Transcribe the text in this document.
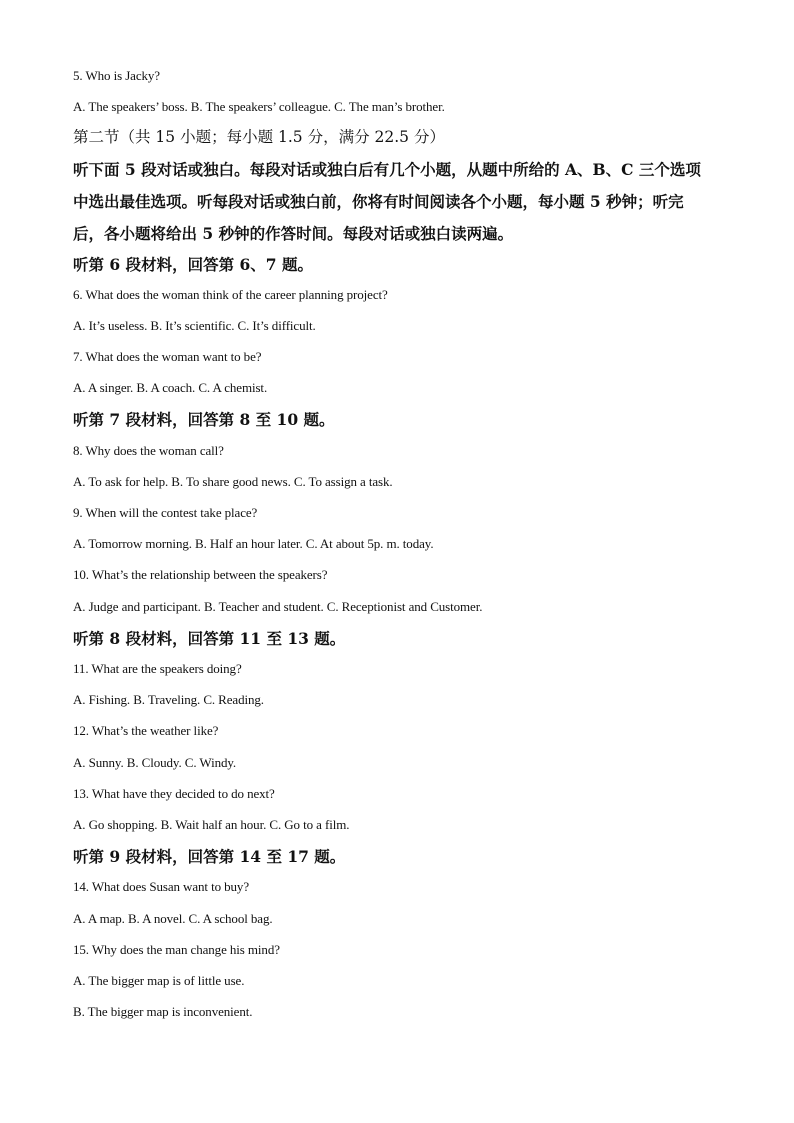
5. Who is Jacky?
A. The speakers’ boss. B. The speakers’ colleague. C. The man’s brother.
第二节（共 15 小题；每小题 1.5 分，满分 22.5 分）
听下面 5 段对话或独白。每段对话或独白后有几个小题，从题中所给的 A、B、C 三个选项
中选出最佳选项。听每段对话或独白前，你将有时间阅读各个小题，每小题 5 秒钟；听完
后，各小题将给出 5 秒钟的作答时间。每段对话或独白读两遍。
听第 6 段材料，回答第 6、7 题。
6. What does the woman think of the career planning project?
A. It’s useless. B. It’s scientific. C. It’s difficult.
7. What does the woman want to be?
A. A singer. B. A coach. C. A chemist.
听第 7 段材料，回答第 8 至 10 题。
8. Why does the woman call?
A. To ask for help. B. To share good news. C. To assign a task.
9. When will the contest take place?
A. Tomorrow morning. B. Half an hour later. C. At about 5p. m. today.
10. What’s the relationship between the speakers?
A. Judge and participant. B. Teacher and student. C. Receptionist and Customer.
听第 8 段材料，回答第 11 至 13 题。
11. What are the speakers doing?
A. Fishing. B. Traveling. C. Reading.
12. What’s the weather like?
A. Sunny. B. Cloudy. C. Windy.
13. What have they decided to do next?
A. Go shopping. B. Wait half an hour. C. Go to a film.
听第 9 段材料，回答第 14 至 17 题。
14. What does Susan want to buy?
A. A map. B. A novel. C. A school bag.
15. Why does the man change his mind?
A. The bigger map is of little use.
B. The bigger map is inconvenient.
